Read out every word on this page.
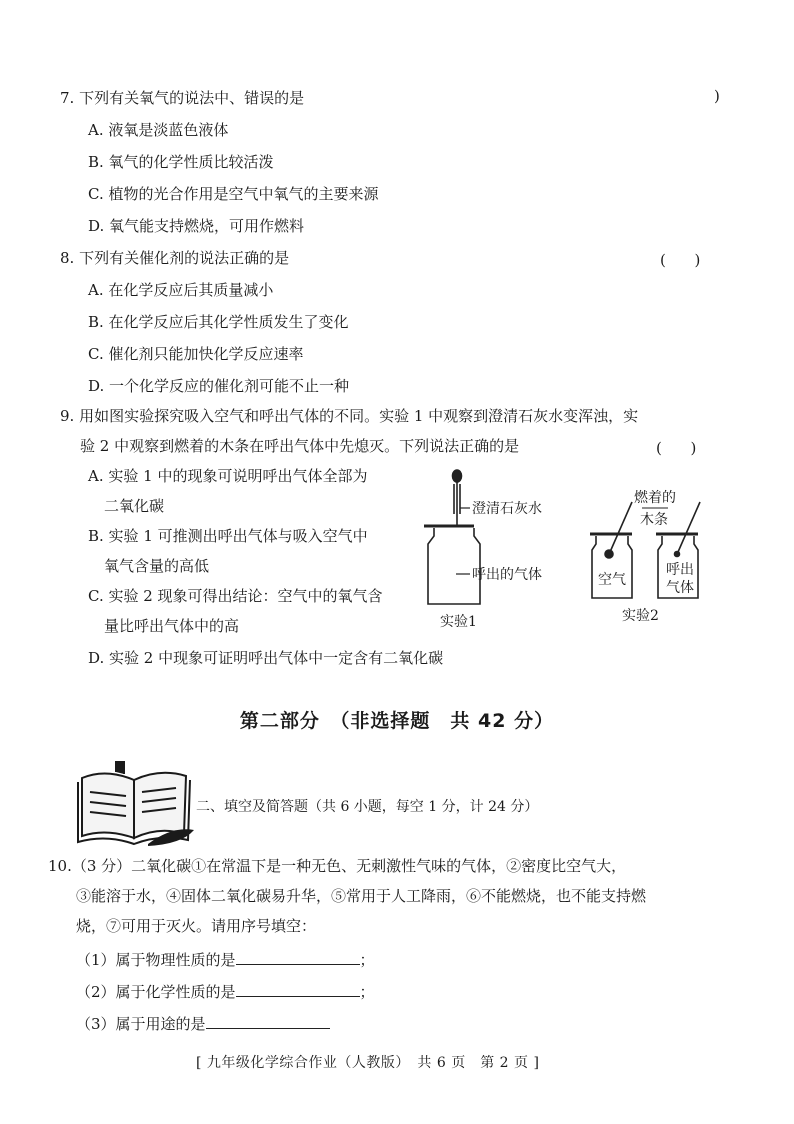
7. 下列有关氧气的说法中、错误的是	)
A. 液氧是淡蓝色液体
B. 氧气的化学性质比较活泼
C. 植物的光合作用是空气中氧气的主要来源
D. 氧气能支持燃烧，可用作燃料
8. 下列有关催化剂的说法正确的是	(      )
A. 在化学反应后其质量减小
B. 在化学反应后其化学性质发生了变化
C. 催化剂只能加快化学反应速率
D. 一个化学反应的催化剂可能不止一种
9. 用如图实验探究吸入空气和呼出气体的不同。实验 1 中观察到澄清石灰水变浑浊，实
验 2 中观察到燃着的木条在呼出气体中先熄灭。下列说法正确的是	(      )
A. 实验 1 中的现象可说明呼出气体全部为
二氧化碳
B. 实验 1 可推测出呼出气体与吸入空气中
氧气含量的高低
C. 实验 2 现象可得出结论：空气中的氧气含
量比呼出气体中的高
D. 实验 2 中现象可证明呼出气体中一定含有二氧化碳
澄清石灰水
呼出的气体
实验1
燃着的
木条
空气
呼出
气体
实验2
第二部分　（非选择题　共 42 分）
二、填空及简答题（共 6 小题，每空 1 分，计 24 分）
10.（3 分）二氧化碳①在常温下是一种无色、无刺激性气味的气体，②密度比空气大，
③能溶于水，④固体二氧化碳易升华，⑤常用于人工降雨，⑥不能燃烧，也不能支持燃
烧，⑦可用于灭火。请用序号填空：
（1）属于物理性质的是	；
（2）属于化学性质的是	；
（3）属于用途的是
[ 九年级化学综合作业（人教版）　共 6 页　第 2 页 ]
